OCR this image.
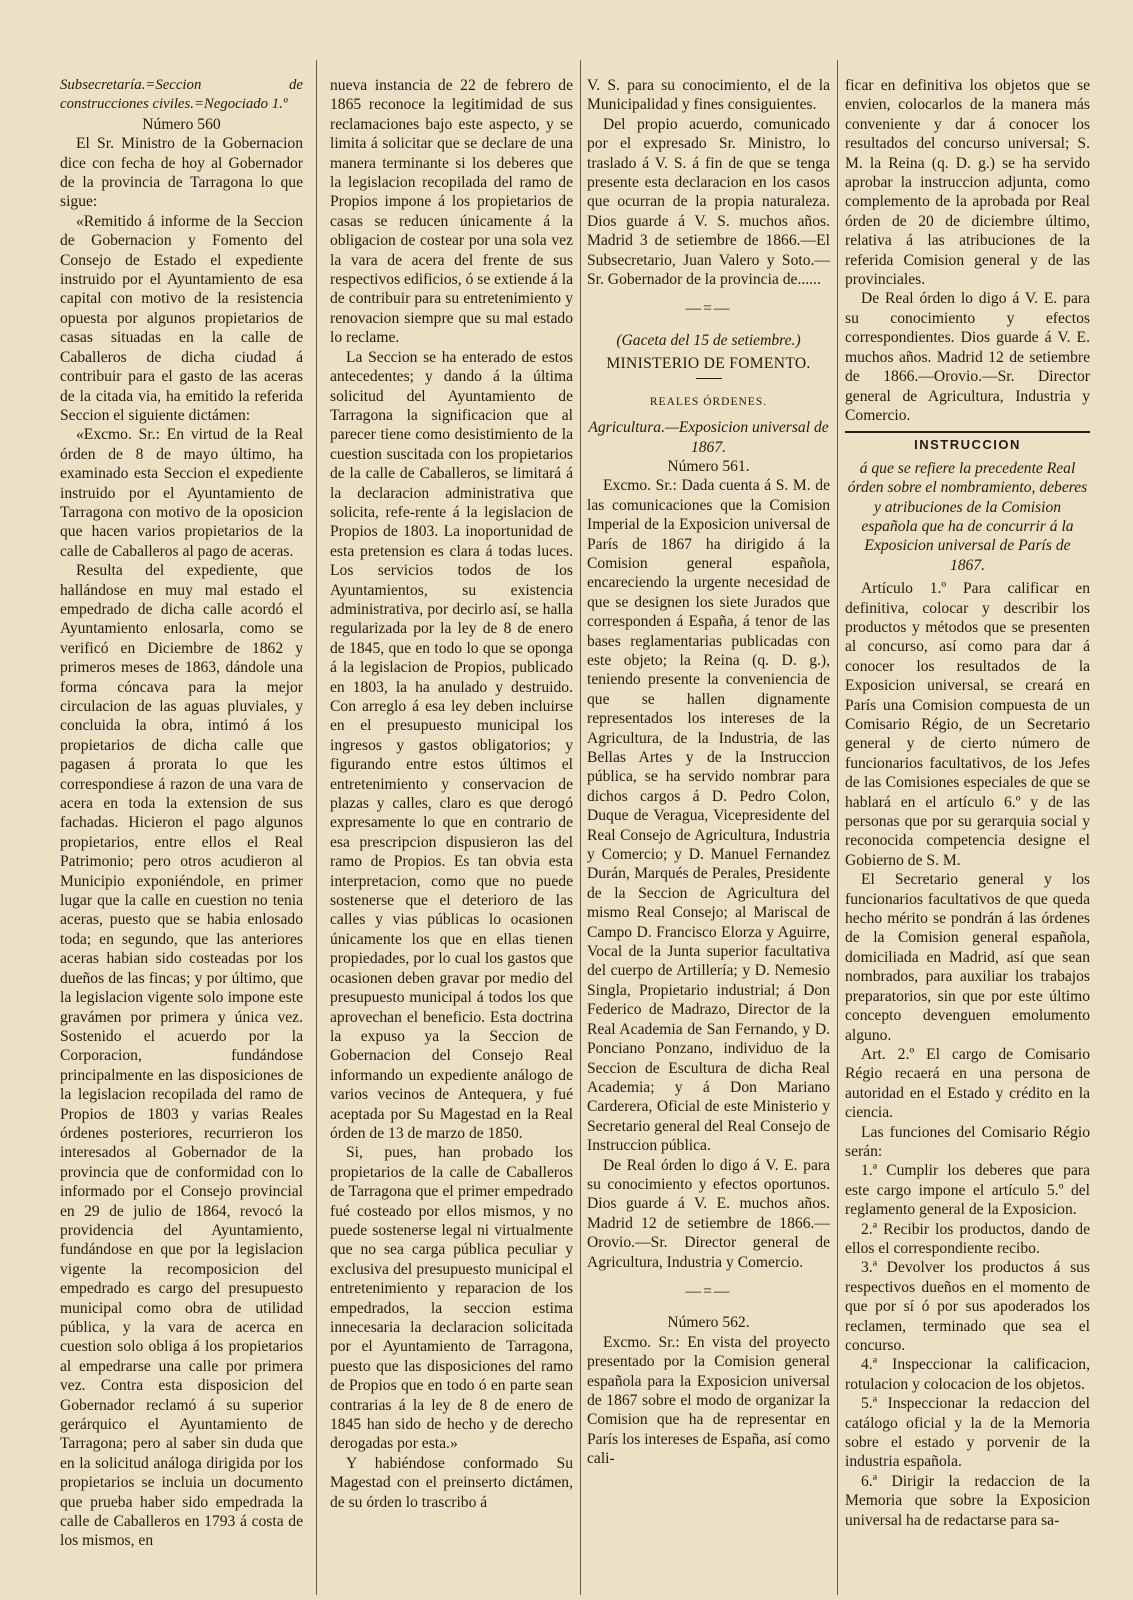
Subsecretaría.=Seccion de construcciones civiles.=Negociado 1.º

Número 560

El Sr. Ministro de la Gobernacion dice con fecha de hoy al Gobernador de la provincia de Tarragona lo que sigue:

«Remitido á informe de la Seccion de Gobernacion y Fomento del Consejo de Estado el expediente instruido por el Ayuntamiento de esa capital con motivo de la resistencia opuesta por algunos propietarios de casas situadas en la calle de Caballeros de dicha ciudad á contribuir para el gasto de las aceras de la citada via, ha emitido la referida Seccion el siguiente dictámen:

«Excmo. Sr.: En virtud de la Real órden de 8 de mayo último, ha examinado esta Seccion el expediente instruido por el Ayuntamiento de Tarragona con motivo de la oposicion que hacen varios propietarios de la calle de Caballeros al pago de aceras.

Resulta del expediente, que hallándose en muy mal estado el empedrado de dicha calle acordó el Ayuntamiento enlosarla, como se verificó en Diciembre de 1862 y primeros meses de 1863, dándole una forma cóncava para la mejor circulacion de las aguas pluviales, y concluida la obra, intimó á los propietarios de dicha calle que pagasen á prorata lo que les correspondiese á razon de una vara de acera en toda la extension de sus fachadas. Hicieron el pago algunos propietarios, entre ellos el Real Patrimonio; pero otros acudieron al Municipio exponiéndole, en primer lugar que la calle en cuestion no tenia aceras, puesto que se habia enlosado toda; en segundo, que las anteriores aceras habian sido costeadas por los dueños de las fincas; y por último, que la legislacion vigente solo impone este gravámen por primera y única vez. Sostenido el acuerdo por la Corporacion, fundándose principalmente en las disposiciones de la legislacion recopilada del ramo de Propios de 1803 y varias Reales órdenes posteriores, recurrieron los interesados al Gobernador de la provincia que de conformidad con lo informado por el Consejo provincial en 29 de julio de 1864, revocó la providencia del Ayuntamiento, fundándose en que por la legislacion vigente la recomposicion del empedrado es cargo del presupuesto municipal como obra de utilidad pública, y la vara de acerca en cuestion solo obliga á los propietarios al empedrarse una calle por primera vez. Contra esta disposicion del Gobernador reclamó á su superior gerárquico el Ayuntamiento de Tarragona; pero al saber sin duda que en la solicitud análoga dirigida por los propietarios se incluia un documento que prueba haber sido empedrada la calle de Caballeros en 1793 á costa de los mismos, en

nueva instancia de 22 de febrero de 1865 reconoce la legitimidad de sus reclamaciones bajo este aspecto, y se limita á solicitar que se declare de una manera terminante si los deberes que la legislacion recopilada del ramo de Propios impone á los propietarios de casas se reducen únicamente á la obligacion de costear por una sola vez la vara de acera del frente de sus respectivos edificios, ó se extiende á la de contribuir para su entretenimiento y renovacion siempre que su mal estado lo reclame.

La Seccion se ha enterado de estos antecedentes; y dando á la última solicitud del Ayuntamiento de Tarragona la significacion que al parecer tiene como desistimiento de la cuestion suscitada con los propietarios de la calle de Caballeros, se limitará á la declaracion administrativa que solicita, refe-rente á la legislacion de Propios de 1803. La inoportunidad de esta pretension es clara á todas luces. Los servicios todos de los Ayuntamientos, su existencia administrativa, por decirlo así, se halla regularizada por la ley de 8 de enero de 1845, que en todo lo que se oponga á la legislacion de Propios, publicado en 1803, la ha anulado y destruido. Con arreglo á esa ley deben incluirse en el presupuesto municipal los ingresos y gastos obligatorios; y figurando entre estos últimos el entretenimiento y conservacion de plazas y calles, claro es que derogó expresamente lo que en contrario de esa prescripcion dispusieron las del ramo de Propios. Es tan obvia esta interpretacion, como que no puede sostenerse que el deterioro de las calles y vias públicas lo ocasionen únicamente los que en ellas tienen propiedades, por lo cual los gastos que ocasionen deben gravar por medio del presupuesto municipal á todos los que aprovechan el beneficio. Esta doctrina la expuso ya la Seccion de Gobernacion del Consejo Real informando un expediente análogo de varios vecinos de Antequera, y fué aceptada por Su Magestad en la Real órden de 13 de marzo de 1850.

Si, pues, han probado los propietarios de la calle de Caballeros de Tarragona que el primer empedrado fué costeado por ellos mismos, y no puede sostenerse legal ni virtualmente que no sea carga pública peculiar y exclusiva del presupuesto municipal el entretenimiento y reparacion de los empedrados, la seccion estima innecesaria la declaracion solicitada por el Ayuntamiento de Tarragona, puesto que las disposiciones del ramo de Propios que en todo ó en parte sean contrarias á la ley de 8 de enero de 1845 han sido de hecho y de derecho derogadas por esta.»

Y habiéndose conformado Su Magestad con el preinserto dictámen, de su órden lo trascribo á

V. S. para su conocimiento, el de la Municipalidad y fines consiguientes.

Del propio acuerdo, comunicado por el expresado Sr. Ministro, lo traslado á V. S. á fin de que se tenga presente esta declaracion en los casos que ocurran de la propia naturaleza. Dios guarde á V. S. muchos años. Madrid 3 de setiembre de 1866.—El Subsecretario, Juan Valero y Soto.—Sr. Gobernador de la provincia de......

—=—

(Gaceta del 15 de setiembre.)

MINISTERIO DE FOMENTO.

REALES ÓRDENES.

Agricultura.—Exposicion universal de 1867.

Número 561.

Excmo. Sr.: Dada cuenta á S. M. de las comunicaciones que la Comision Imperial de la Exposicion universal de París de 1867 ha dirigido á la Comision general española, encareciendo la urgente necesidad de que se designen los siete Jurados que corresponden á España, á tenor de las bases reglamentarias publicadas con este objeto; la Reina (q. D. g.), teniendo presente la conveniencia de que se hallen dignamente representados los intereses de la Agricultura, de la Industria, de las Bellas Artes y de la Instruccion pública, se ha servido nombrar para dichos cargos á D. Pedro Colon, Duque de Veragua, Vicepresidente del Real Consejo de Agricultura, Industria y Comercio; y D. Manuel Fernandez Durán, Marqués de Perales, Presidente de la Seccion de Agricultura del mismo Real Consejo; al Mariscal de Campo D. Francisco Elorza y Aguirre, Vocal de la Junta superior facultativa del cuerpo de Artillería; y D. Nemesio Singla, Propietario industrial; á Don Federico de Madrazo, Director de la Real Academia de San Fernando, y D. Ponciano Ponzano, individuo de la Seccion de Escultura de dicha Real Academia; y á Don Mariano Carderera, Oficial de este Ministerio y Secretario general del Real Consejo de Instruccion pública.

De Real órden lo digo á V. E. para su conocimiento y efectos oportunos. Dios guarde á V. E. muchos años. Madrid 12 de setiembre de 1866.—Orovio.—Sr. Director general de Agricultura, Industria y Comercio.

—=—

Número 562.

Excmo. Sr.: En vista del proyecto presentado por la Comision general española para la Exposicion universal de 1867 sobre el modo de organizar la Comision que ha de representar en París los intereses de España, así como cali-

ficar en definitiva los objetos que se envien, colocarlos de la manera más conveniente y dar á conocer los resultados del concurso universal; S. M. la Reina (q. D. g.) se ha servido aprobar la instruccion adjunta, como complemento de la aprobada por Real órden de 20 de diciembre último, relativa á las atribuciones de la referida Comision general y de las provinciales.

De Real órden lo digo á V. E. para su conocimiento y efectos correspondientes. Dios guarde á V. E. muchos años. Madrid 12 de setiembre de 1866.—Orovio.—Sr. Director general de Agricultura, Industria y Comercio.

INSTRUCCION

á que se refiere la precedente Real órden sobre el nombramiento, deberes y atribuciones de la Comision española que ha de concurrir á la Exposicion universal de París de 1867.

Artículo 1.º Para calificar en definitiva, colocar y describir los productos y métodos que se presenten al concurso, así como para dar á conocer los resultados de la Exposicion universal, se creará en París una Comision compuesta de un Comisario Régio, de un Secretario general y de cierto número de funcionarios facultativos, de los Jefes de las Comisiones especiales de que se hablará en el artículo 6.º y de las personas que por su gerarquia social y reconocida competencia designe el Gobierno de S. M.

El Secretario general y los funcionarios facultativos de que queda hecho mérito se pondrán á las órdenes de la Comision general española, domiciliada en Madrid, así que sean nombrados, para auxiliar los trabajos preparatorios, sin que por este último concepto devenguen emolumento alguno.

Art. 2.º El cargo de Comisario Régio recaerá en una persona de autoridad en el Estado y crédito en la ciencia.

Las funciones del Comisario Régio serán:

1.ª Cumplir los deberes que para este cargo impone el artículo 5.º del reglamento general de la Exposicion.

2.ª Recibir los productos, dando de ellos el correspondiente recibo.

3.ª Devolver los productos á sus respectivos dueños en el momento de que por sí ó por sus apoderados los reclamen, terminado que sea el concurso.

4.ª Inspeccionar la calificacion, rotulacion y colocacion de los objetos.

5.ª Inspeccionar la redaccion del catálogo oficial y la de la Memoria sobre el estado y porvenir de la industria española.

6.ª Dirigir la redaccion de la Memoria que sobre la Exposicion universal ha de redactarse para sa-
